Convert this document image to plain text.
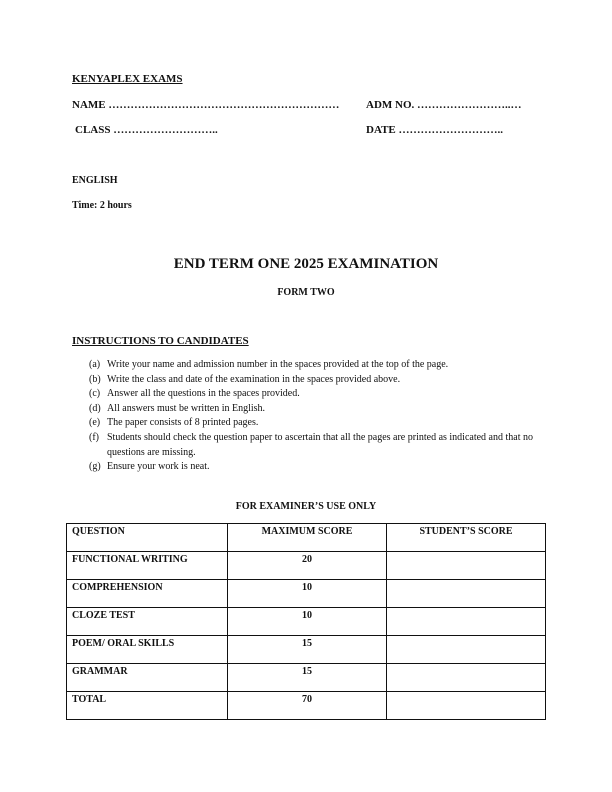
KENYAPLEX EXAMS
NAME ……………………………………………………… ADM NO. ……………………..…
CLASS ………………………..	DATE ………………………..
ENGLISH
Time: 2 hours
END TERM ONE 2025 EXAMINATION
FORM TWO
INSTRUCTIONS TO CANDIDATES
(a) Write your name and admission number in the spaces provided at the top of the page.
(b) Write the class and date of the examination in the spaces provided above.
(c) Answer all the questions in the spaces provided.
(d) All answers must be written in English.
(e) The paper consists of 8 printed pages.
(f) Students should check the question paper to ascertain that all the pages are printed as indicated and that no questions are missing.
(g) Ensure your work is neat.
FOR EXAMINER’S USE ONLY
QUESTION	MAXIMUM SCORE	STUDENT’S SCORE
FUNCTIONAL WRITING	20	
COMPREHENSION	10	
CLOZE TEST	10	
POEM/ ORAL SKILLS	15	
GRAMMAR	15	
TOTAL	70	
